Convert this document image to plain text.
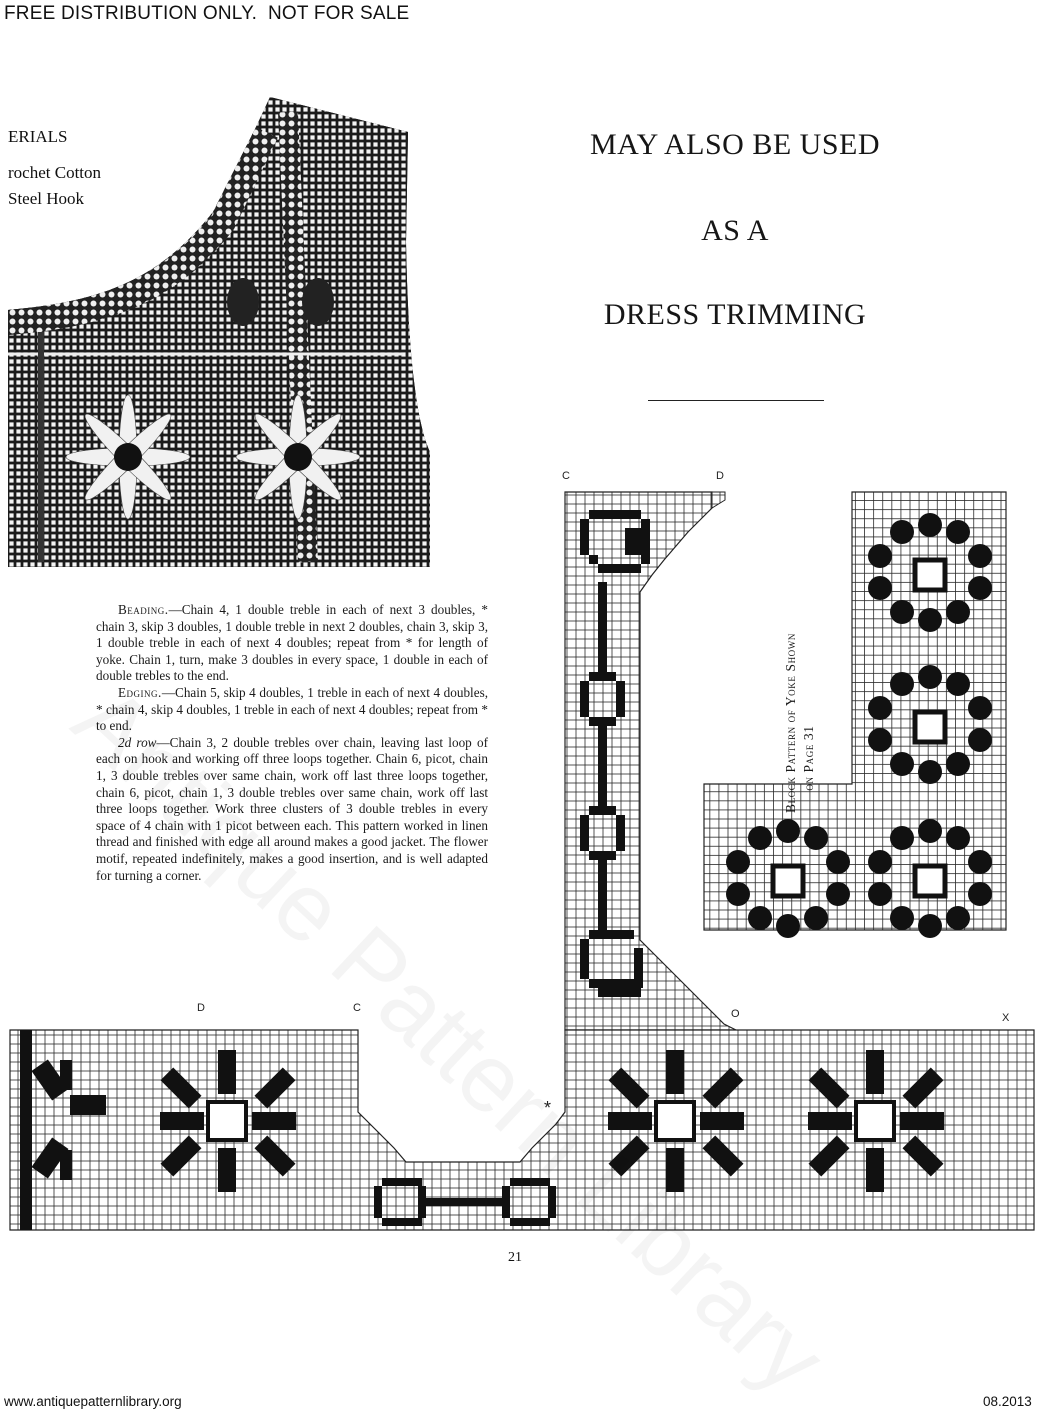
FREE DISTRIBUTION ONLY.  NOT FOR SALE
ERIALS
rochet Cotton
Steel Hook
MAY ALSO BE USED
AS A
DRESS TRIMMING

Beading.—Chain 4, 1 double treble in each of next 3 doubles, * chain 3, skip 3 doubles, 1 double treble in next 2 doubles, chain 3, skip 3, 1 double treble in each of next 4 doubles; repeat from * for length of yoke. Chain 1, turn, make 3 doubles in every space, 1 double in each of double trebles to the end.

Edging.—Chain 5, skip 4 doubles, 1 treble in each of next 4 doubles, * chain 4, skip 4 doubles, 1 treble in each of next 4 doubles; repeat from * to end.

2d row—Chain 3, 2 double trebles over chain, leaving last loop of each on hook and working off three loops together. Chain 6, picot, chain 1, 3 double trebles over same chain, work off last three loops together, chain 6, picot, chain 1, 3 double trebles over same chain, work off last three loops together. Work three clusters of 3 double trebles in every space of 4 chain with 1 picot between each. This pattern worked in linen thread and finished with edge all around makes a good jacket. The flower motif, repeated indefinitely, makes a good insertion, and is well adapted for turning a corner.

Block Pattern of Yoke Shown on Page 31
C	D
D	C	O	X
*
21
www.antiquepatternlibrary.org	08.2013
